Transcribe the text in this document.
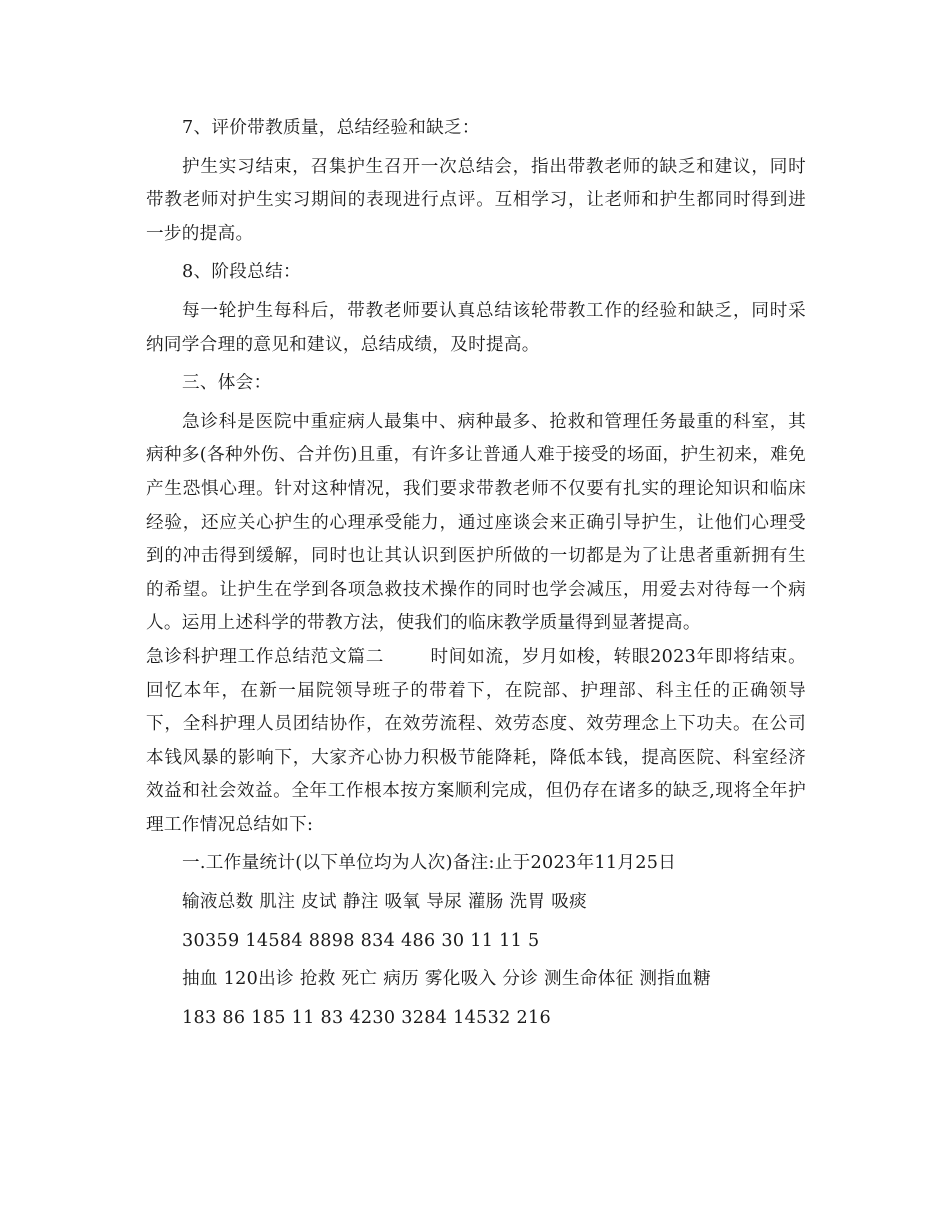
7、评价带教质量，总结经验和缺乏：

护生实习结束，召集护生召开一次总结会，指出带教老师的缺乏和建议，同时带教老师对护生实习期间的表现进行点评。互相学习，让老师和护生都同时得到进一步的提高。

8、阶段总结：

每一轮护生每科后，带教老师要认真总结该轮带教工作的经验和缺乏，同时采纳同学合理的意见和建议，总结成绩，及时提高。

三、体会：

急诊科是医院中重症病人最集中、病种最多、抢救和管理任务最重的科室，其病种多(各种外伤、合并伤)且重，有许多让普通人难于接受的场面，护生初来，难免产生恐惧心理。针对这种情况，我们要求带教老师不仅要有扎实的理论知识和临床经验，还应关心护生的心理承受能力，通过座谈会来正确引导护生，让他们心理受到的冲击得到缓解，同时也让其认识到医护所做的一切都是为了让患者重新拥有生的希望。让护生在学到各项急救技术操作的同时也学会减压，用爱去对待每一个病人。运用上述科学的带教方法，使我们的临床教学质量得到显著提高。

急诊科护理工作总结范文篇二	时间如流，岁月如梭，转眼2023年即将结束。回忆本年，在新一届院领导班子的带着下，在院部、护理部、科主任的正确领导下，全科护理人员团结协作，在效劳流程、效劳态度、效劳理念上下功夫。在公司本钱风暴的影响下，大家齐心协力积极节能降耗，降低本钱，提高医院、科室经济效益和社会效益。全年工作根本按方案顺利完成，但仍存在诸多的缺乏,现将全年护理工作情况总结如下:

一.工作量统计(以下单位均为人次)备注:止于2023年11月25日

输液总数 肌注 皮试 静注 吸氧 导尿 灌肠 洗胃 吸痰

30359 14584 8898 834 486 30 11 11 5

抽血 120出诊 抢救 死亡 病历 雾化吸入 分诊 测生命体征 测指血糖

183 86 185 11 83 4230 3284 14532 216
